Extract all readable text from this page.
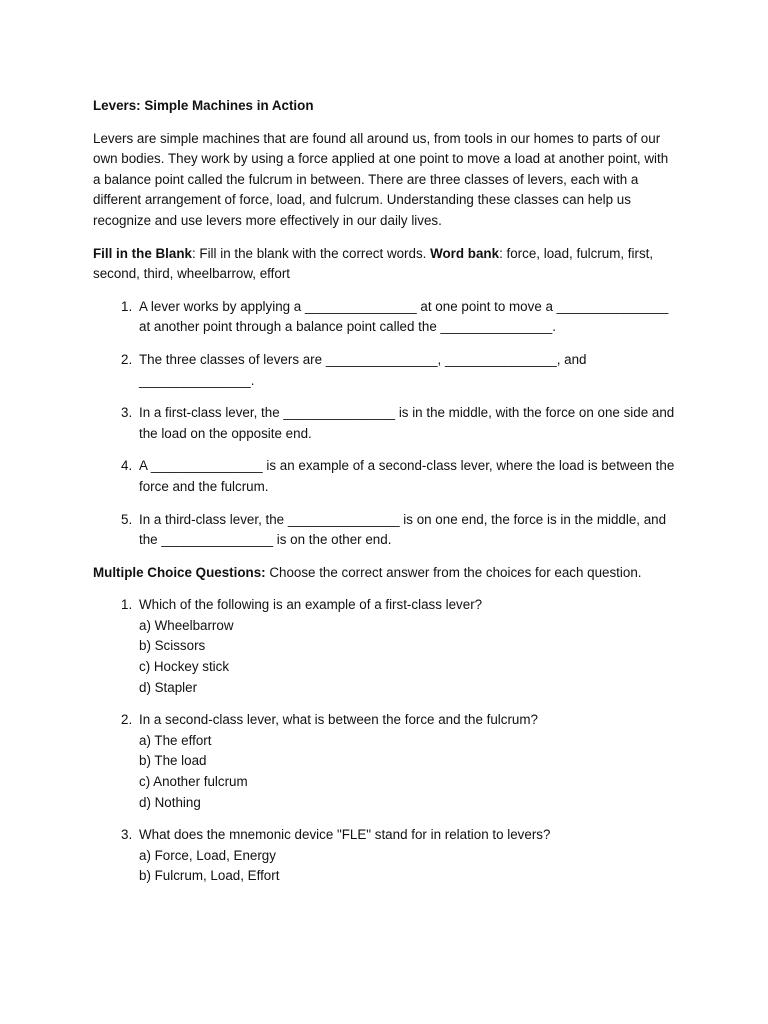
Levers: Simple Machines in Action

Levers are simple machines that are found all around us, from tools in our homes to parts of our own bodies. They work by using a force applied at one point to move a load at another point, with a balance point called the fulcrum in between. There are three classes of levers, each with a different arrangement of force, load, and fulcrum. Understanding these classes can help us recognize and use levers more effectively in our daily lives.

Fill in the Blank: Fill in the blank with the correct words. Word bank: force, load, fulcrum, first, second, third, wheelbarrow, effort

1. A lever works by applying a _______________ at one point to move a _______________ at another point through a balance point called the _______________.
2. The three classes of levers are _______________, _______________, and
_______________.
3. In a first-class lever, the _______________ is in the middle, with the force on one side and the load on the opposite end.
4. A _______________ is an example of a second-class lever, where the load is between the force and the fulcrum.
5. In a third-class lever, the _______________ is on one end, the force is in the middle, and the _______________ is on the other end.

Multiple Choice Questions: Choose the correct answer from the choices for each question.

1. Which of the following is an example of a first-class lever?
a) Wheelbarrow
b) Scissors
c) Hockey stick
d) Stapler
2. In a second-class lever, what is between the force and the fulcrum?
a) The effort
b) The load
c) Another fulcrum
d) Nothing
3. What does the mnemonic device "FLE" stand for in relation to levers?
a) Force, Load, Energy
b) Fulcrum, Load, Effort
